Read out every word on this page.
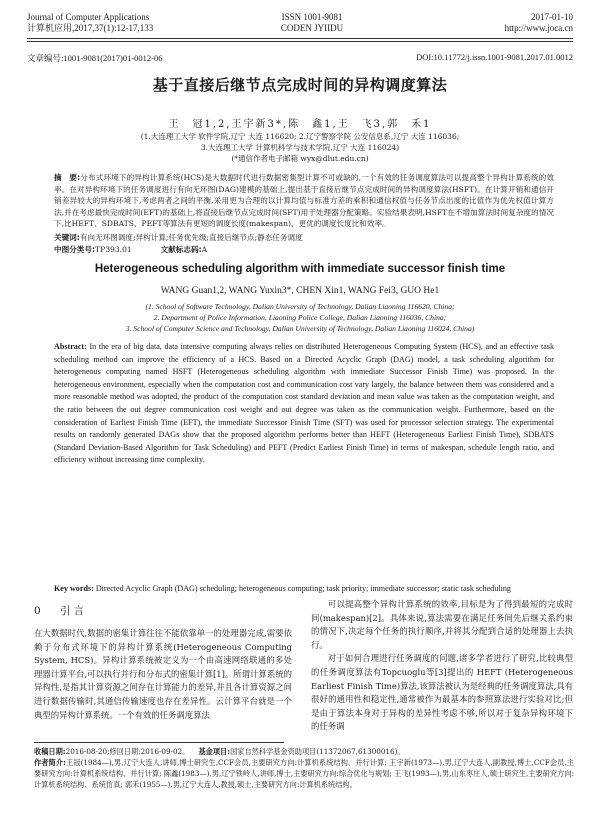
Journal of Computer Applications
计算机应用,2017,37(1):12-17,133
ISSN 1001-9081
CODEN JYIIDU
2017-01-10
http://www.joca.cn
文章编号:1001-9081(2017)01-0012-06	DOI:10.11772/j.issn.1001-9081.2017.01.0012
基于直接后继节点完成时间的异构调度算法
王　冠1,2,王宇新3*,陈　鑫1,王　飞3,郭　禾1
(1.大连理工大学 软件学院,辽宁 大连 116620; 2.辽宁警察学院 公安信息系,辽宁 大连 116036;
3.大连理工大学 计算机科学与技术学院,辽宁 大连 116024)
(*通信作者电子邮箱 wyx@dlut.edu.cn)
摘　要:分布式环境下的异构计算系统(HCS)是大数据时代进行数据密集型计算不可或缺的,一个有效的任务调度算法可以提高整个异构计算系统的效率。在对异构环境下的任务调度进行有向无环图(DAG)建模的基础上,提出基于直接后继节点完成时间的异构调度算法(HSFT)。在计算开销和通信开销差异较大的异构环境下,考虑两者之间的平衡,采用更为合理的以计算均值与标准方差的乘积和通信权值与任务节点出度的比值作为优先权值计算方法,并在考虑最快完成时间(EFT)的基础上,将直接后继节点完成时间(SFT)用于处理器分配策略。实验结果表明,HSFT在不增加算法时间复杂度的情况下,比HEFT、SDBATS、PEFT等算法有更短的调度长度(makespan)、更优的调度长度比和效率。
Heterogeneous scheduling algorithm with immediate successor finish time
WANG Guan1,2, WANG Yuxin3*, CHEN Xin1, WANG Fei3, GUO He1
(1. School of Software Technology, Dalian University of Technology, Dalian Liaoning 116620, China;
2. Department of Police Information, Liaoning Police College, Dalian Liaoning 116036, China;
3. School of Computer Science and Technology, Dalian University of Technology, Dalian Liaoning 116024, China)
Abstract: In the era of big data, data intensive computing always relies on distributed Heterogeneous Computing System (HCS), and an effective task scheduling method can improve the efficiency of a HCS. Based on a Directed Acyclic Graph (DAG) model, a task scheduling algorithm for heterogeneous computing named HSFT (Heterogeneous scheduling algorithm with immediate Successor Finish Time) was proposed. In the heterogeneous environment, especially when the computation cost and communication cost vary largely, the balance between them was considered and a more reasonable method was adopted, the product of the computation cost standard deviation and mean value was taken as the computation weight, and the ratio between the out degree communication cost weight and out degree was taken as the communication weight. Furthermore, based on the consideration of Earliest Finish Time (EFT), the immediate Successor Finish Time (SFT) was used for processor selection strategy. The experimental results on randomly generated DAGs show that the proposed algorithm performs better than HEFT (Heterogeneous Earliest Finish Time), SDBATS (Standard Deviation-Based Algorithm for Task Scheduling) and PEFT (Predict Earliest Finish Time) in terms of makespan, schedule length ratio, and efficiency without increasing time complexity.
Key words: Directed Acyclic Graph (DAG) scheduling; heterogeneous computing; task priority; immediate successor; static task scheduling
0 引言
在大数据时代,数据的密集计算往往不能依靠单一的处理器完成,需要依赖于分布式环境下的异构计算系统(Heterogeneous Computing System, HCS)。异构计算系统被定义为一个由高速网络联通的多处理器计算平台,可以执行并行和分布式的密集计算[1]。所谓计算系统的异构性,是指其计算资源之间存在计算能力的差异,并且各计算资源之间进行数据传输时,其通信传输速度也存在差异性。云计算平台就是一个典型的异构计算系统。一个有效的任务调度算法

可以提高整个异构计算系统的效率,目标是为了得到最短的完成时间(makespan)[2]。具体来说,算法需要在满足任务间先后继关系约束的情况下,决定每个任务的执行顺序,并将其分配到合适的处理器上去执行。

对于如何合理进行任务调度的问题,诸多学者进行了研究,比较典型的任务调度算法有Topcuoglu等[3]提出的 HEFT (Heterogeneous Earliest Finish Time)算法,该算法被认为是经典的任务调度算法,具有很好的通用性和稳定性,通常被作为最基本的参照算法进行实验对比;但是由于算法本身对于异构的差异性考虑不够,所以对于复杂异构环境下的任务调

收稿日期:2016-08-20;修回日期:2016-09-02。 基金项目:国家自然科学基金资助项目(11372067,61300016)。
作者简介:王冠(1984—),男,辽宁大连人,讲师,博士研究生,CCF会员,主要研究方向:计算机系统结构、并行计算; 王宇新(1973—),男,辽宁大连人,副教授,博士,CCF会员,主要研究方向:计算机系统结构、并行计算; 陈鑫(1983—),男,辽宁铁岭人,讲师,博士,主要研究方向:综合优化与规划; 王飞(1993—),男,山东枣庄人,硕士研究生,主要研究方向:计算机系统结构、系统仿真; 郭禾(1955—),男,辽宁大连人,教授,硕士,主要研究方向:计算机系统结构。
关键词:有向无环图调度;异构计算;任务优先级;直接后继节点;静态任务调度
中图分类号:TP393.01	文献标志码:A
